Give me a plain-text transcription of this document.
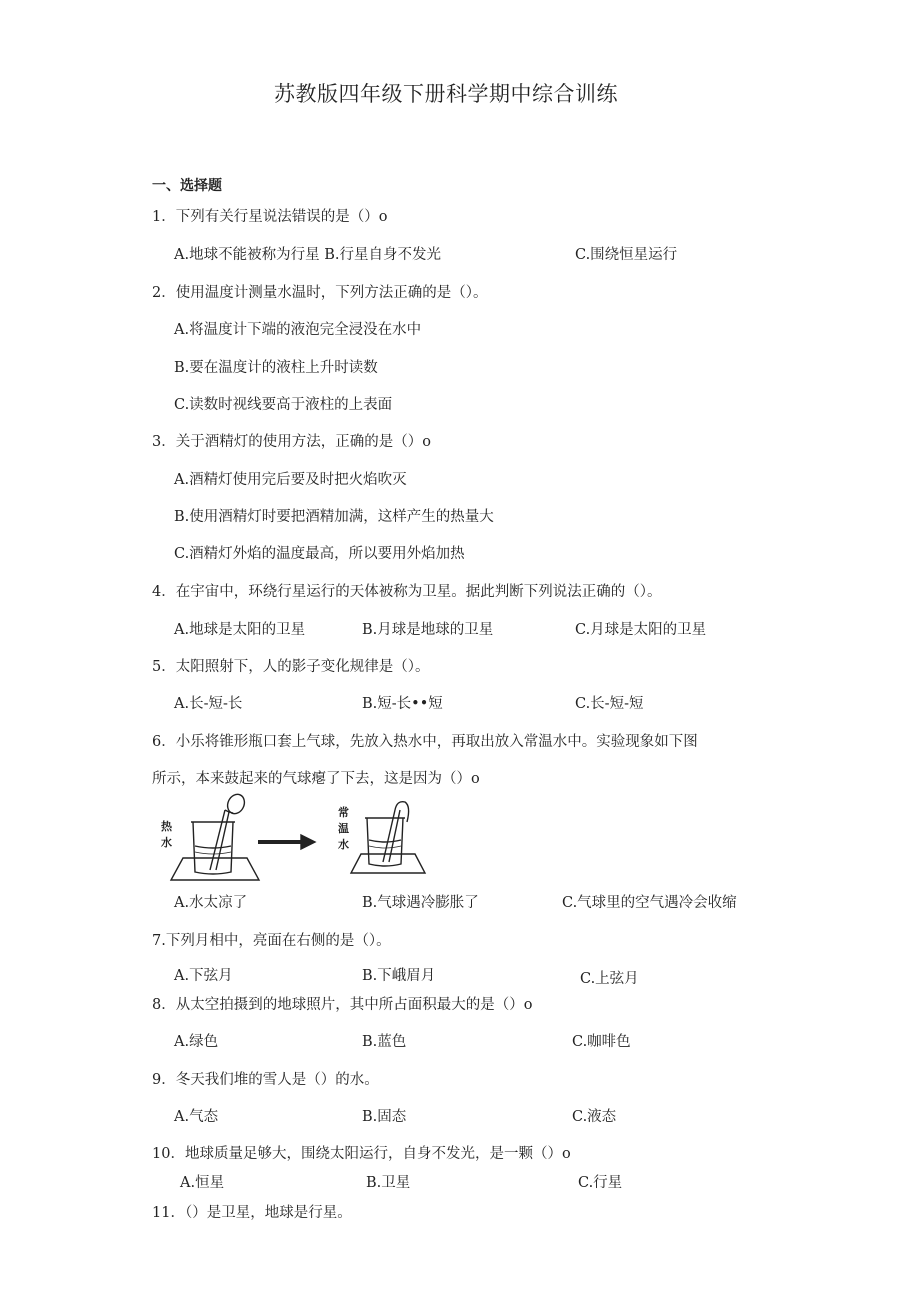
苏教版四年级下册科学期中综合训练
一、选择题
1．下列有关行星说法错误的是（）o
A.地球不能被称为行星 B.行星自身不发光	C.围绕恒星运行
2．使用温度计测量水温时，下列方法正确的是（）。
A.将温度计下端的液泡完全浸没在水中
B.要在温度计的液柱上升时读数
C.读数时视线要高于液柱的上表面
3．关于酒精灯的使用方法，正确的是（）o
A.酒精灯使用完后要及时把火焰吹灭
B.使用酒精灯时要把酒精加满，这样产生的热量大
C.酒精灯外焰的温度最高，所以要用外焰加热
4．在宇宙中，环绕行星运行的天体被称为卫星。据此判断下列说法正确的（）。
A.地球是太阳的卫星	B.月球是地球的卫星	C.月球是太阳的卫星
5．太阳照射下，人的影子变化规律是（）。
A.长-短-长	B.短-长••短	C.长-短-短
6．小乐将锥形瓶口套上气球，先放入热水中，再取出放入常温水中。实验现象如下图
所示，本来鼓起来的气球瘪了下去，这是因为（）o
热
水
常
温
水
A.水太凉了	B.气球遇冷膨胀了	C.气球里的空气遇冷会收缩
7.下列月相中，亮面在右侧的是（）。
A.下弦月	B.下峨眉月	C.上弦月
8．从太空拍摄到的地球照片，其中所占面积最大的是（）o
A.绿色	B.蓝色	C.咖啡色
9．冬天我们堆的雪人是（）的水。
A.气态	B.固态	C.液态
10．地球质量足够大，围绕太阳运行，自身不发光，是一颗（）o
A.恒星	B.卫星	C.行星
11．（）是卫星，地球是行星。
